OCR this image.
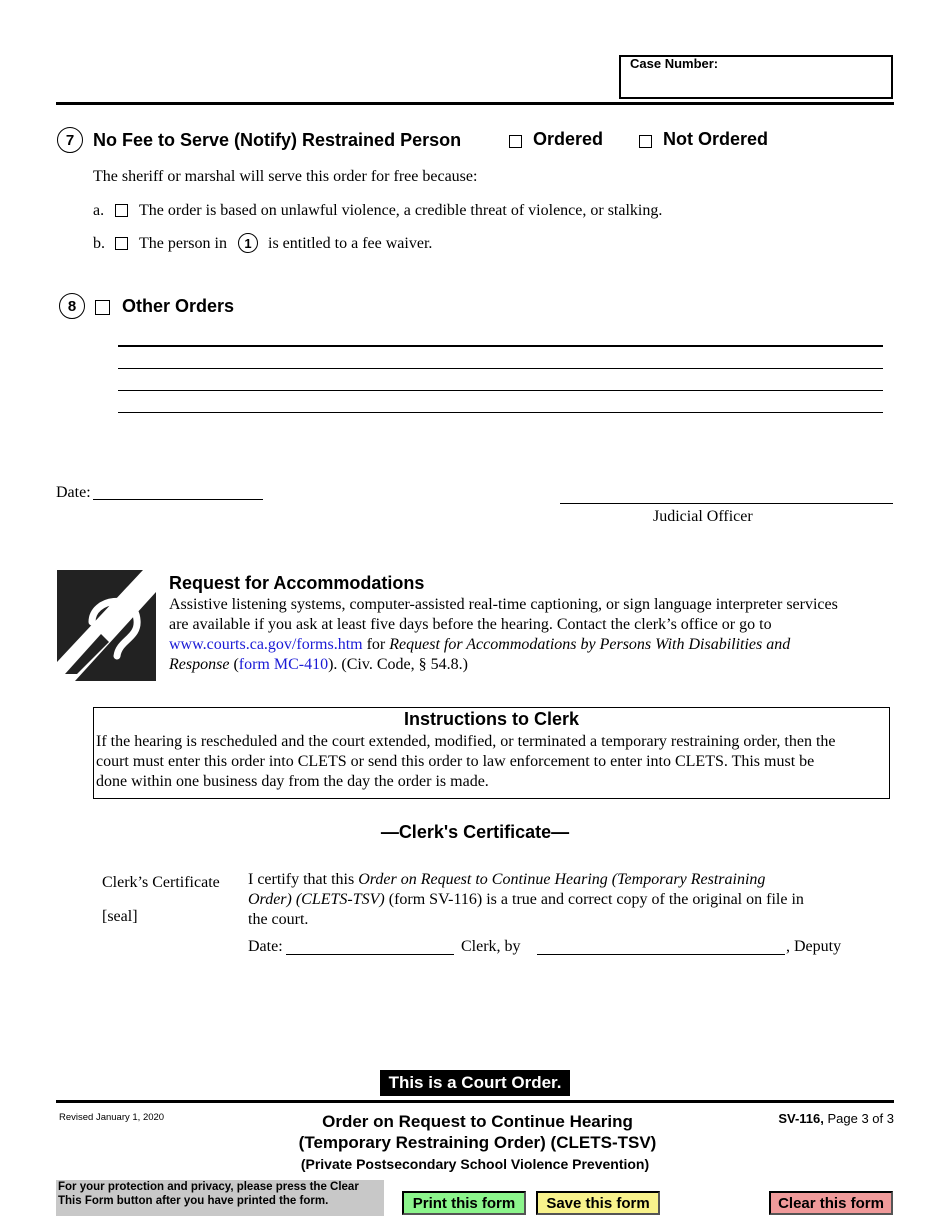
Case Number:
7	No Fee to Serve (Notify) Restrained Person	Ordered	Not Ordered
The sheriff or marshal will serve this order for free because:
a. The order is based on unlawful violence, a credible threat of violence, or stalking.
b. The person in	1	is entitled to a fee waiver.
8	Other Orders
Date:
Judicial Officer
Request for Accommodations
Assistive listening systems, computer-assisted real-time captioning, or sign language interpreter services
are available if you ask at least five days before the hearing. Contact the clerk’s office or go to
www.courts.ca.gov/forms.htm for Request for Accommodations by Persons With Disabilities and
Response (form MC-410). (Civ. Code, § 54.8.)
Instructions to Clerk
If the hearing is rescheduled and the court extended, modified, or terminated a temporary restraining order, then the
court must enter this order into CLETS or send this order to law enforcement to enter into CLETS. This must be
done within one business day from the day the order is made.
—Clerk's Certificate—
Clerk’s Certificate
[seal]
I certify that this Order on Request to Continue Hearing (Temporary Restraining
Order) (CLETS-TSV) (form SV-116) is a true and correct copy of the original on file in
the court.
Date:	Clerk, by	, Deputy
This is a Court Order.
Revised January 1, 2020	Order on Request to Continue Hearing
(Temporary Restraining Order) (CLETS-TSV)
(Private Postsecondary School Violence Prevention)
SV-116, Page 3 of 3
For your protection and privacy, please press the Clear This Form button after you have printed the form.	Print this form	Save this form	Clear this form
